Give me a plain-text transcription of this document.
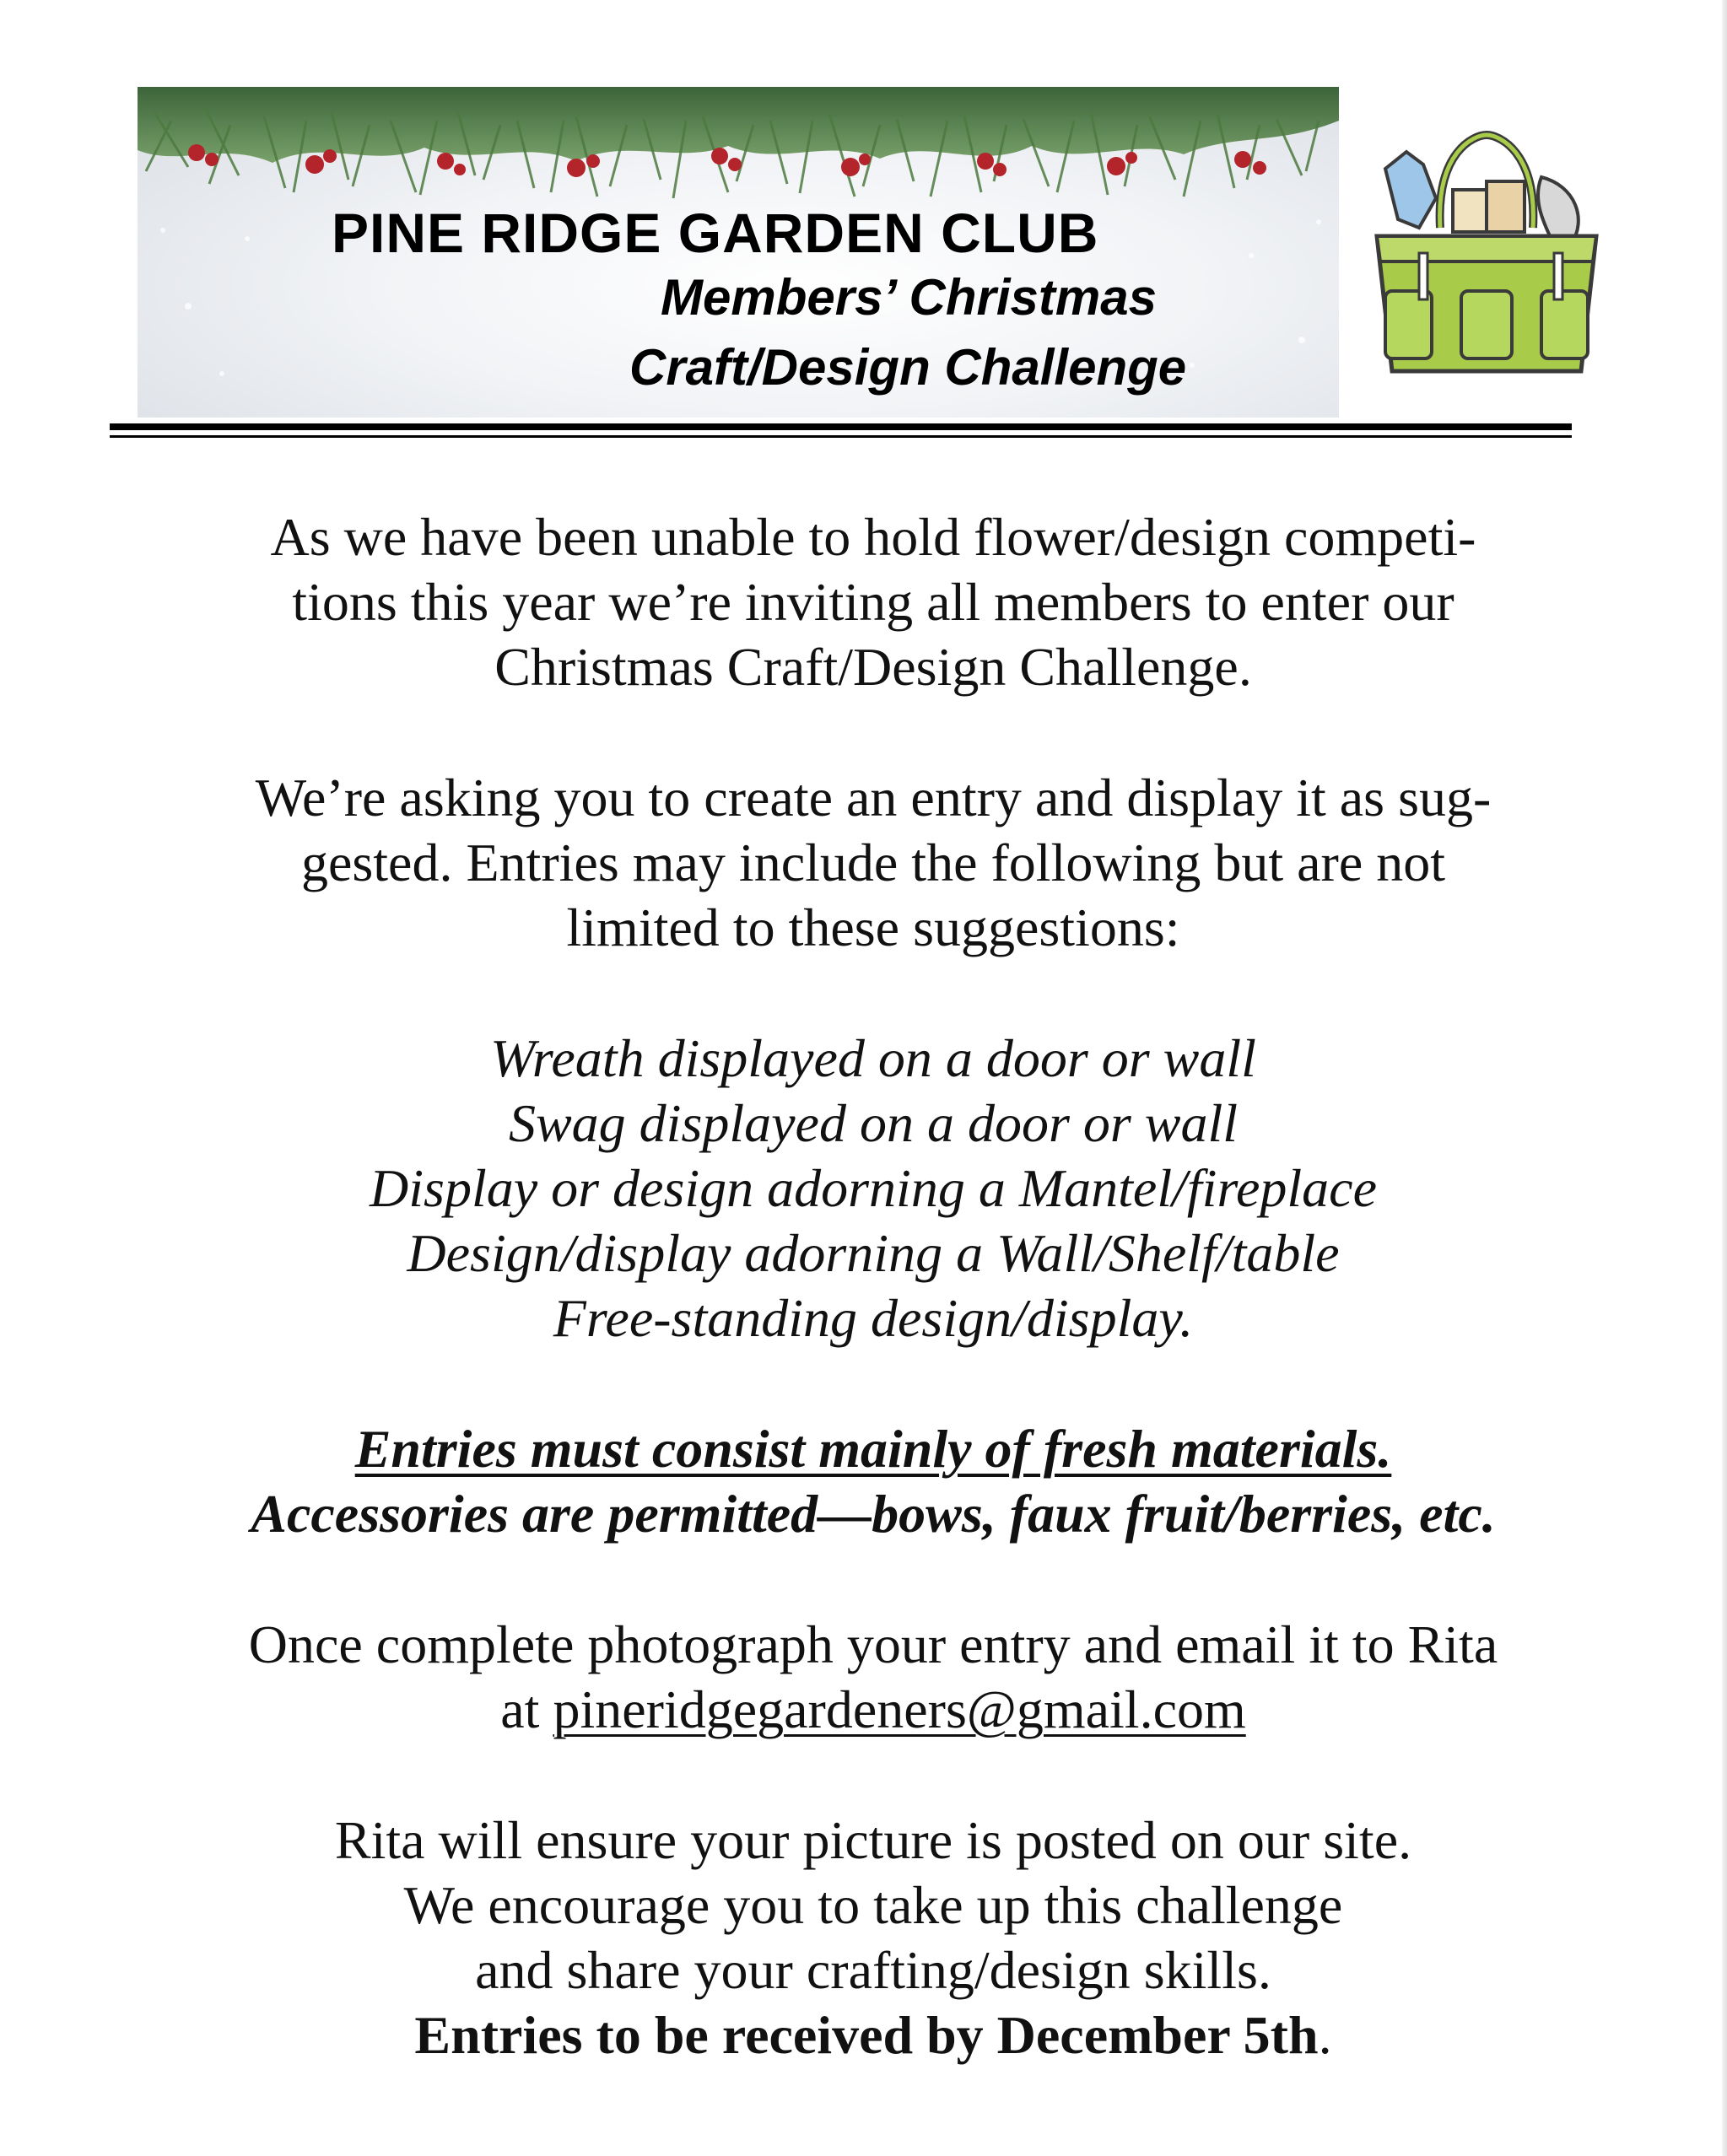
PINE RIDGE GARDEN CLUB
Members’ Christmas
Craft/Design Challenge

As we have been unable to hold flower/design competi-

tions this year we’re inviting all members to enter our

Christmas Craft/Design Challenge.

We’re asking you to create an entry and display it as sug-

gested. Entries may include the following but are not

limited to these suggestions:

Wreath displayed on a door or wall

Swag displayed on a door or wall

Display or design adorning a Mantel/fireplace

Design/display adorning a Wall/Shelf/table

Free-standing design/display.

Entries must consist mainly of fresh materials.

Accessories are permitted—bows, faux fruit/berries, etc.

Once complete photograph your entry and email it to Rita

at pineridgegardeners@gmail.com

Rita will ensure your picture is posted on our site.

We encourage you to take up this challenge

and share your crafting/design skills.

Entries to be received by December 5th.
